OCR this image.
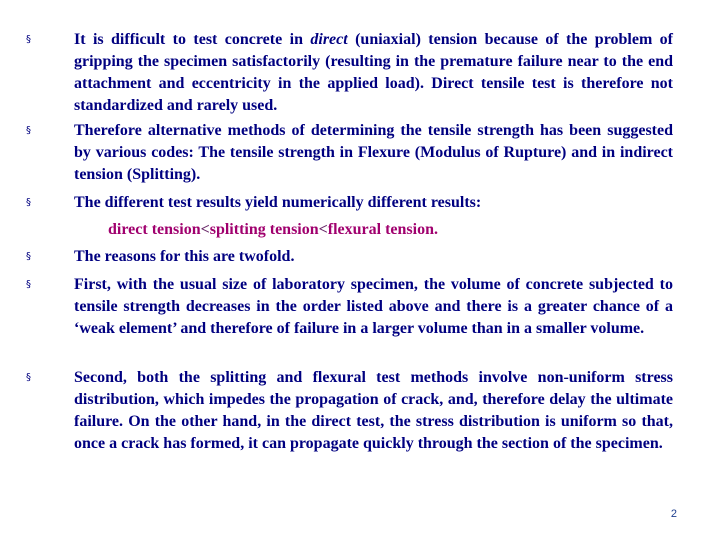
§	It is difficult to test concrete in direct (uniaxial) tension because of the problem of gripping the specimen satisfactorily (resulting in the premature failure near to the end attachment and eccentricity in the applied load). Direct tensile test is therefore not standardized and rarely used.
§	Therefore alternative methods of determining the tensile strength has been suggested by various codes: The tensile strength in Flexure (Modulus of Rupture) and in indirect tension (Splitting).
§	The different test results yield numerically different results:
direct tension<splitting tension<flexural tension.
§	The reasons for this are twofold.
§	First, with the usual size of laboratory specimen, the volume of concrete subjected to tensile strength decreases in the order listed above and there is a greater chance of a ‘weak element’ and therefore of failure in a larger volume than in a smaller volume.
§	Second, both the splitting and flexural test methods involve non-uniform stress distribution, which impedes the propagation of crack, and, therefore delay the ultimate failure. On the other hand, in the direct test, the stress distribution is uniform so that, once a crack has formed, it can propagate quickly through the section of the specimen.
2
